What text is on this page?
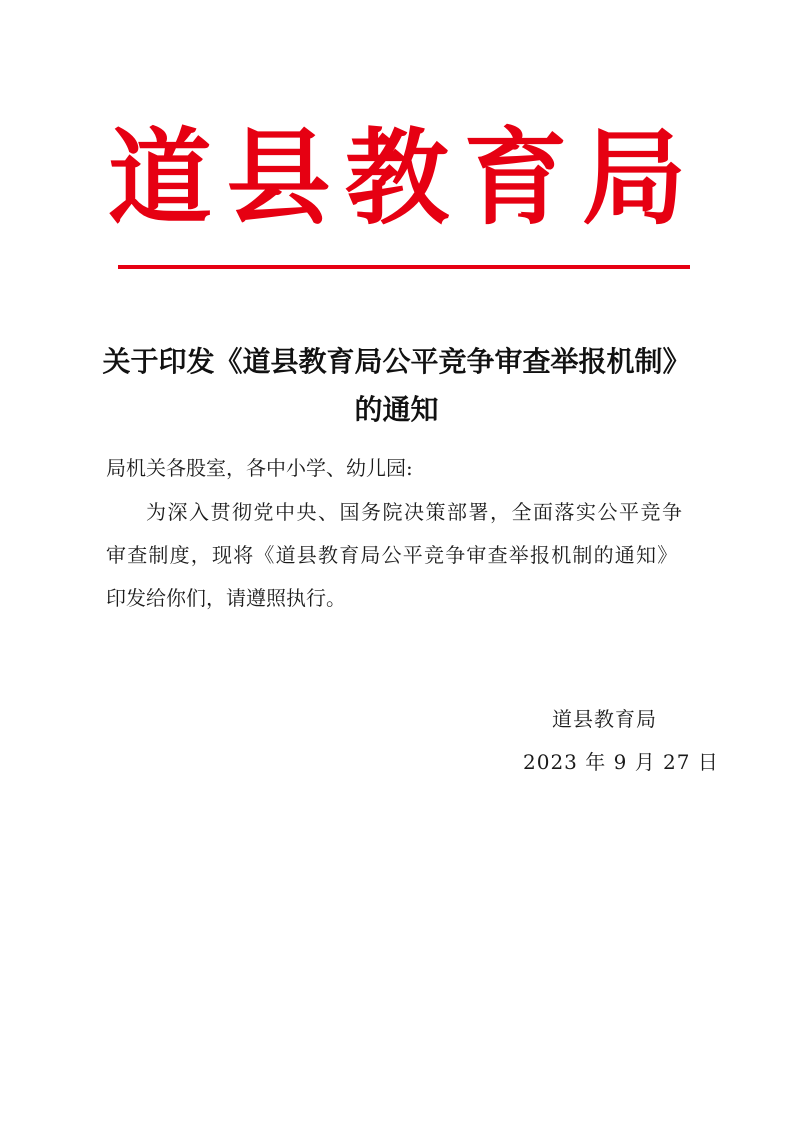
道 县 教 育 局
关于印发《道县教育局公平竞争审查举报机制》
的通知
局机关各股室，各中小学、幼儿园:
为深入贯彻党中央、国务院决策部署，全面落实公平竞争
审查制度，现将《道县教育局公平竞争审查举报机制的通知》
印发给你们，请遵照执行。
道县教育局
2023 年 9 月 27 日
